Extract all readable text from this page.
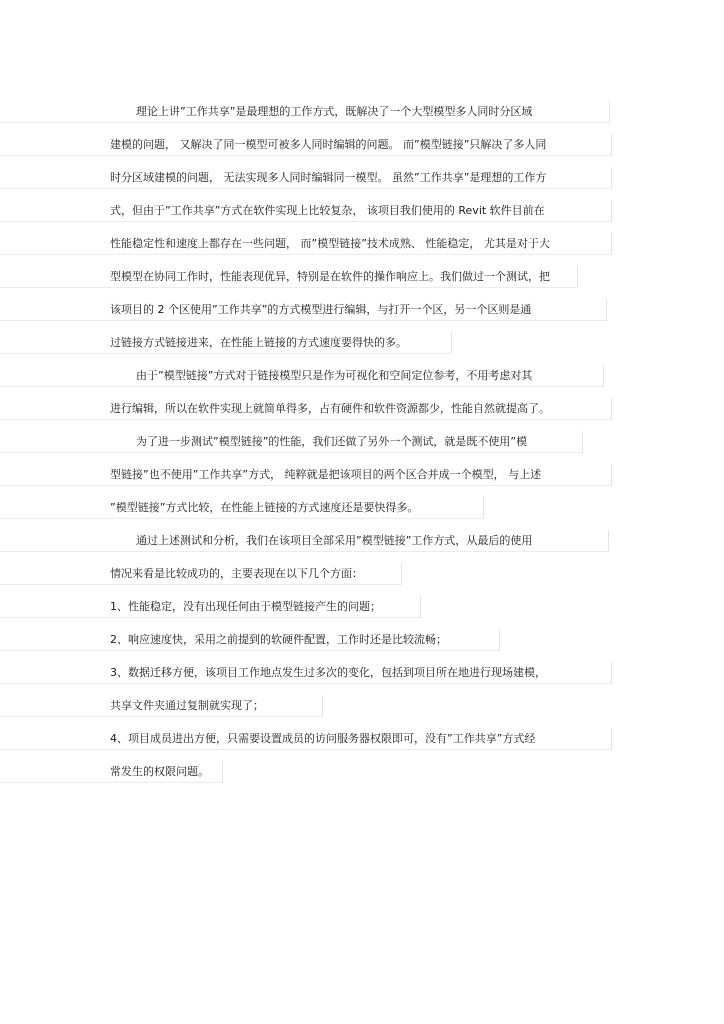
理论上讲”工作共享”是最理想的工作方式，既解决了一个大型模型多人同时分区域
建模的问题， 又解决了同一模型可被多人同时编辑的问题。 而”模型链接”只解决了多人同
时分区域建模的问题， 无法实现多人同时编辑同一模型。 虽然”工作共享”是理想的工作方
式，但由于”工作共享”方式在软件实现上比较复杂， 该项目我们使用的 Revit 软件目前在
性能稳定性和速度上都存在一些问题， 而”模型链接”技术成熟、 性能稳定， 尤其是对于大
型模型在协同工作时，性能表现优异，特别是在软件的操作响应上。我们做过一个测试，把
该项目的 2 个区使用”工作共享”的方式模型进行编辑，与打开一个区，另一个区则是通
过链接方式链接进来，在性能上链接的方式速度要得快的多。
由于”模型链接”方式对于链接模型只是作为可视化和空间定位参考，不用考虑对其
进行编辑，所以在软件实现上就简单得多，占有硬件和软件资源都少，性能自然就提高了。
为了进一步测试”模型链接”的性能，我们还做了另外一个测试，就是既不使用”模
型链接”也不使用”工作共享”方式， 纯粹就是把该项目的两个区合并成一个模型， 与上述
”模型链接”方式比较，在性能上链接的方式速度还是要快得多。
通过上述测试和分析，我们在该项目全部采用”模型链接”工作方式，从最后的使用
情况来看是比较成功的，主要表现在以下几个方面：
1、性能稳定，没有出现任何由于模型链接产生的问题；
2、响应速度快，采用之前提到的软硬件配置，工作时还是比较流畅；
3、数据迁移方便，该项目工作地点发生过多次的变化，包括到项目所在地进行现场建模，
共享文件夹通过复制就实现了；
4、项目成员进出方便，只需要设置成员的访问服务器权限即可，没有”工作共享”方式经
常发生的权限问题。
